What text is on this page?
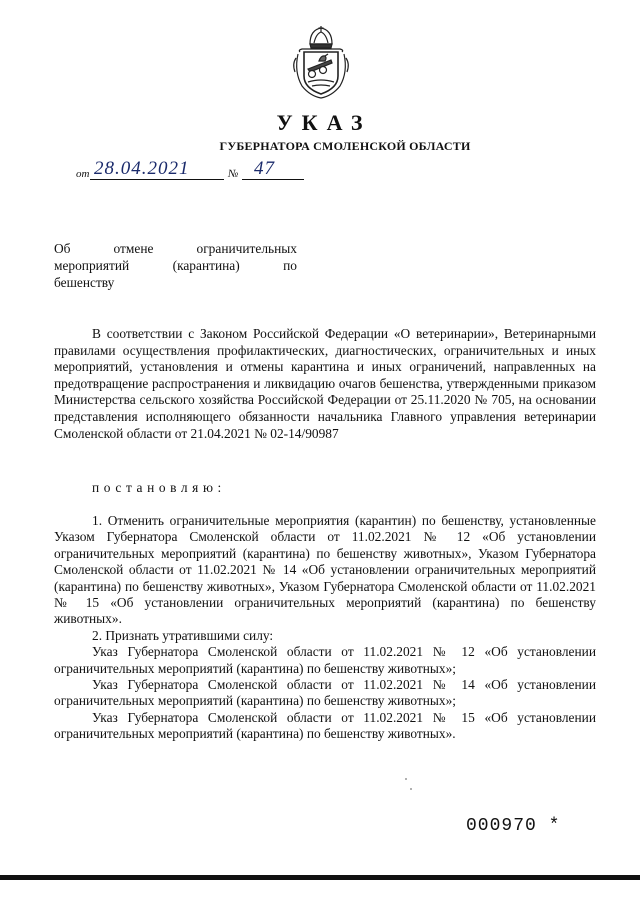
УКАЗ
ГУБЕРНАТОРА СМОЛЕНСКОЙ ОБЛАСТИ
от 28.04.2021	№ 47
Об отмене ограничительных
мероприятий (карантина) по
бешенству
В соответствии с Законом Российской Федерации «О ветеринарии», Ветеринарными правилами осуществления профилактических, диагностических, ограничительных и иных мероприятий, установления и отмены карантина и иных ограничений, направленных на предотвращение распространения и ликвидацию очагов бешенства, утвержденными приказом Министерства сельского хозяйства Российской Федерации от 25.11.2020 № 705, на основании представления исполняющего обязанности начальника Главного управления ветеринарии Смоленской области от 21.04.2021 № 02-14/90987
постановляю:

1. Отменить ограничительные мероприятия (карантин) по бешенству, установленные Указом Губернатора Смоленской области от 11.02.2021 № 12 «Об установлении ограничительных мероприятий (карантина) по бешенству животных», Указом Губернатора Смоленской области от 11.02.2021 № 14 «Об установлении ограничительных мероприятий (карантина) по бешенству животных», Указом Губернатора Смоленской области от 11.02.2021 № 15 «Об установлении ограничительных мероприятий (карантина) по бешенству животных».

2. Признать утратившими силу:

Указ Губернатора Смоленской области от 11.02.2021 № 12 «Об установлении ограничительных мероприятий (карантина) по бешенству животных»;

Указ Губернатора Смоленской области от 11.02.2021 № 14 «Об установлении ограничительных мероприятий (карантина) по бешенству животных»;

Указ Губернатора Смоленской области от 11.02.2021 № 15 «Об установлении ограничительных мероприятий (карантина) по бешенству животных».

000970 *
